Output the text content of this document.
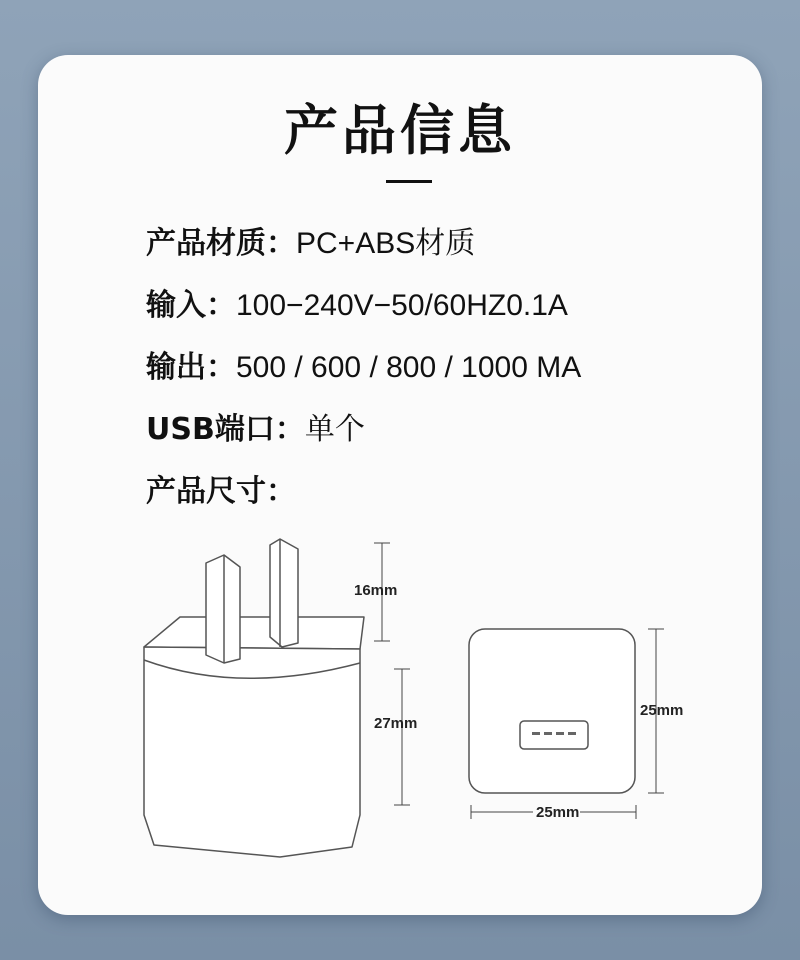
产品信息
产品材质：PC+ABS材质
输入：100−240V−50/60HZ0.1A
输出：500 / 600 / 800 / 1000 MA
USB端口：单个
产品尺寸：
16mm
27mm
25mm
25mm
